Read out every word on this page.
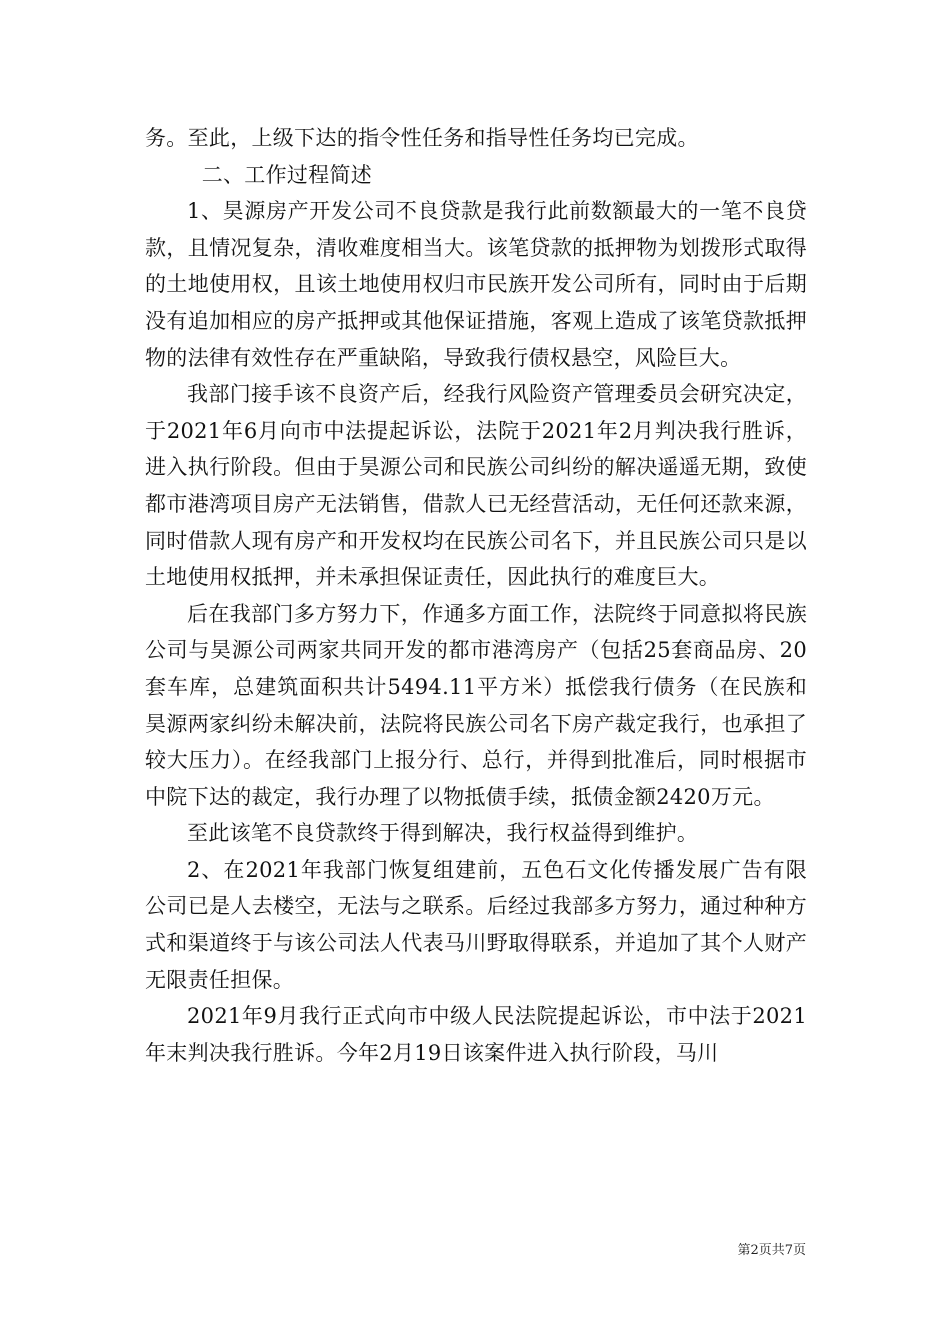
务。至此，上级下达的指令性任务和指导性任务均已完成。

二、工作过程简述

1、昊源房产开发公司不良贷款是我行此前数额最大的一笔不良贷款，且情况复杂，清收难度相当大。该笔贷款的抵押物为划拨形式取得的土地使用权，且该土地使用权归市民族开发公司所有，同时由于后期没有追加相应的房产抵押或其他保证措施，客观上造成了该笔贷款抵押物的法律有效性存在严重缺陷，导致我行债权悬空，风险巨大。

我部门接手该不良资产后，经我行风险资产管理委员会研究决定，于2021年6月向市中法提起诉讼，法院于2021年2月判决我行胜诉，进入执行阶段。但由于昊源公司和民族公司纠纷的解决遥遥无期，致使都市港湾项目房产无法销售，借款人已无经营活动，无任何还款来源，同时借款人现有房产和开发权均在民族公司名下，并且民族公司只是以土地使用权抵押，并未承担保证责任，因此执行的难度巨大。

后在我部门多方努力下，作通多方面工作，法院终于同意拟将民族公司与昊源公司两家共同开发的都市港湾房产（包括25套商品房、20套车库，总建筑面积共计5494.11平方米）抵偿我行债务（在民族和昊源两家纠纷未解决前，法院将民族公司名下房产裁定我行，也承担了较大压力）。在经我部门上报分行、总行，并得到批准后，同时根据市中院下达的裁定，我行办理了以物抵债手续，抵债金额2420万元。

至此该笔不良贷款终于得到解决，我行权益得到维护。

2、在2021年我部门恢复组建前，五色石文化传播发展广告有限公司已是人去楼空，无法与之联系。后经过我部多方努力，通过种种方式和渠道终于与该公司法人代表马川野取得联系，并追加了其个人财产无限责任担保。

2021年9月我行正式向市中级人民法院提起诉讼，市中法于2021年末判决我行胜诉。今年2月19日该案件进入执行阶段，马川

第2页共7页
